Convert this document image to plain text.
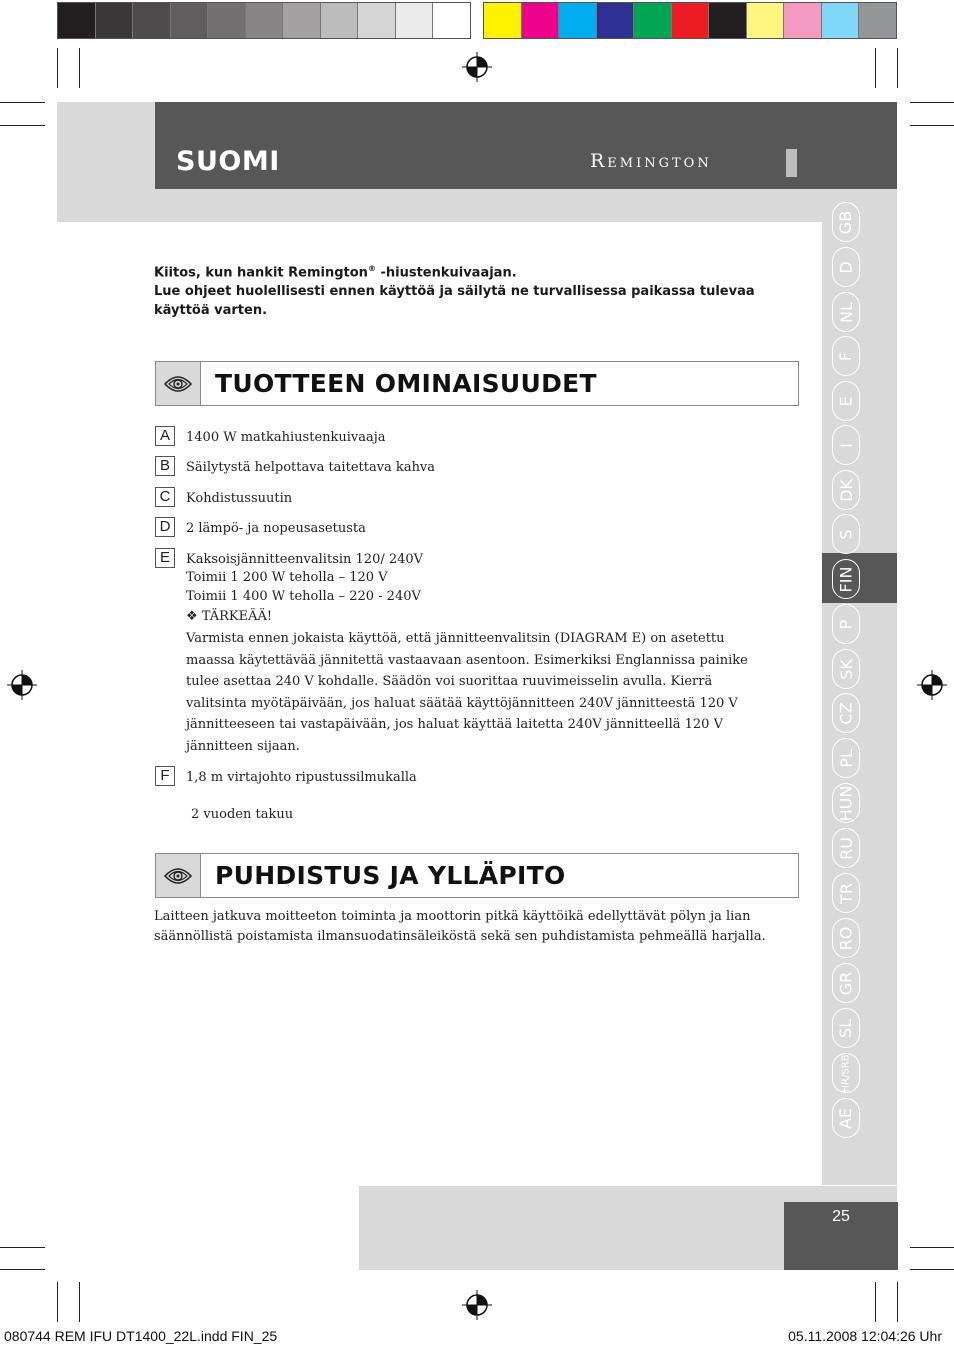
SUOMI	Remington
GB
D
NL
F
E
I
DK
S
FIN
P
SK
CZ
PL
HUN
RU
TR
RO
GR
SL
HR/SRB
AE
Kiitos, kun hankit Remington® -hiustenkuivaajan.
Lue ohjeet huolellisesti ennen käyttöä ja säilytä ne turvallisessa paikassa tulevaa käyttöä varten.
TUOTTEEN OMINAISUUDET
A	1400 W matkahiustenkuivaaja
B	Säilytystä helpottava taitettava kahva
C	Kohdistussuutin
D	2 lämpö- ja nopeusasetusta
E	Kaksoisjännitteenvalitsin 120/ 240V
Toimii 1 200 W teholla – 120 V
Toimii 1 400 W teholla – 220 - 240V
❖ TÄRKEÄÄ!
Varmista ennen jokaista käyttöä, että jännitteenvalitsin (DIAGRAM E) on asetettu maassa käytettävää jännitettä vastaavaan asentoon. Esimerkiksi Englannissa painike tulee asettaa 240 V kohdalle. Säädön voi suorittaa ruuvimeisselin avulla. Kierrä valitsinta myötäpäivään, jos haluat säätää käyttöjännitteen 240V jännitteestä 120 V jännitteeseen tai vastapäivään, jos haluat käyttää laitetta 240V jännitteellä 120 V jännitteen sijaan.
F	1,8 m virtajohto ripustussilmukalla
2 vuoden takuu
PUHDISTUS JA YLLÄPITO
Laitteen jatkuva moitteeton toiminta ja moottorin pitkä käyttöikä edellyttävät pölyn ja lian säännöllistä poistamista ilmansuodatinsäleiköstä sekä sen puhdistamista pehmeällä harjalla.
25
080744 REM IFU DT1400_22L.indd FIN_25	05.11.2008 12:04:26 Uhr
